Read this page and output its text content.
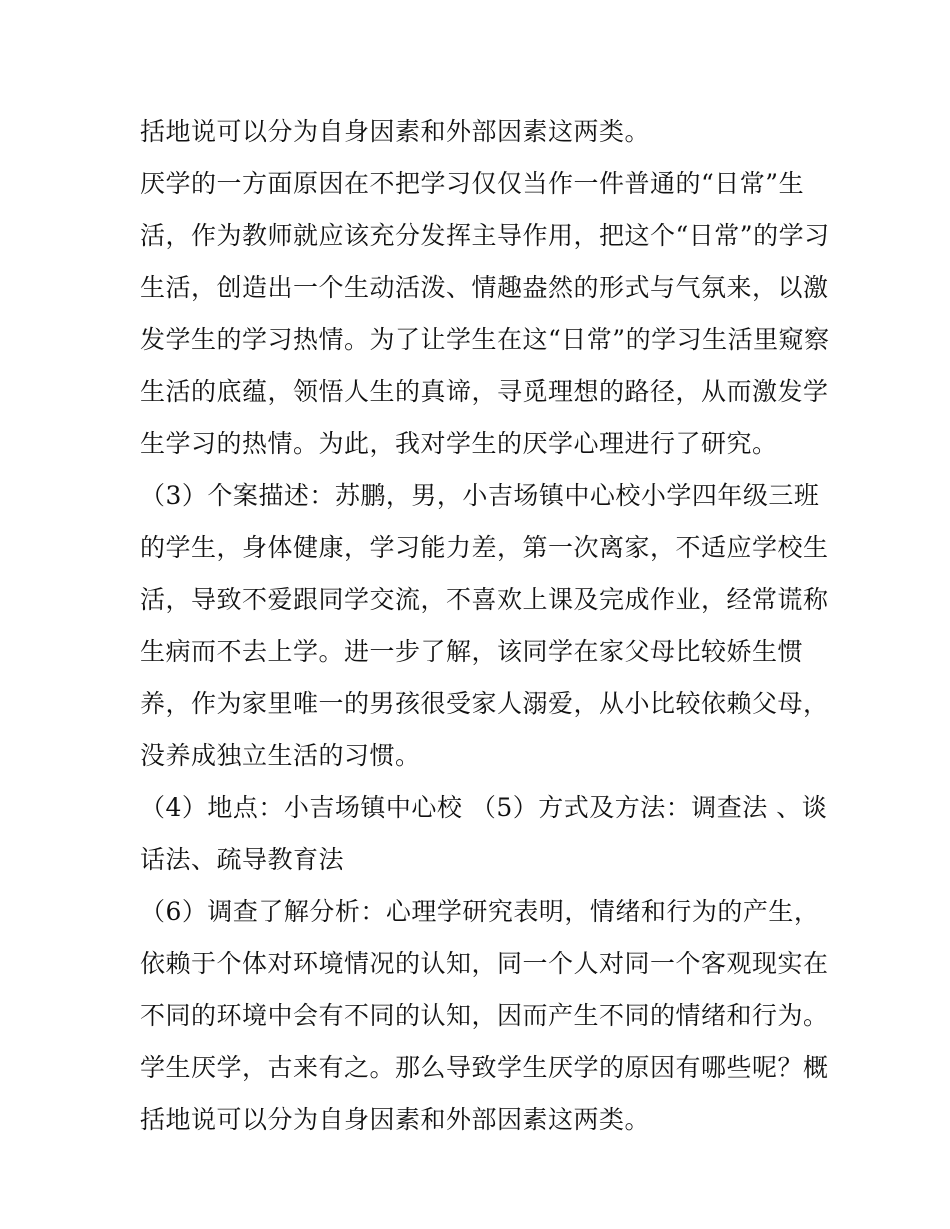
括地说可以分为自身因素和外部因素这两类。
厌学的一方面原因在不把学习仅仅当作一件普通的“日常”生
活，作为教师就应该充分发挥主导作用，把这个“日常”的学习
生活，创造出一个生动活泼、情趣盎然的形式与气氛来，以激
发学生的学习热情。为了让学生在这“日常”的学习生活里窥察
生活的底蕴，领悟人生的真谛，寻觅理想的路径，从而激发学
生学习的热情。为此，我对学生的厌学心理进行了研究。
（3）个案描述：苏鹏，男，小吉场镇中心校小学四年级三班
的学生，身体健康，学习能力差，第一次离家，不适应学校生
活，导致不爱跟同学交流，不喜欢上课及完成作业，经常谎称
生病而不去上学。进一步了解，该同学在家父母比较娇生惯
养，作为家里唯一的男孩很受家人溺爱，从小比较依赖父母，
没养成独立生活的习惯。
（4）地点：小吉场镇中心校 （5）方式及方法：调查法 、谈
话法、疏导教育法
（6）调查了解分析：心理学研究表明，情绪和行为的产生，
依赖于个体对环境情况的认知，同一个人对同一个客观现实在
不同的环境中会有不同的认知，因而产生不同的情绪和行为。
学生厌学，古来有之。那么导致学生厌学的原因有哪些呢？概
括地说可以分为自身因素和外部因素这两类。
